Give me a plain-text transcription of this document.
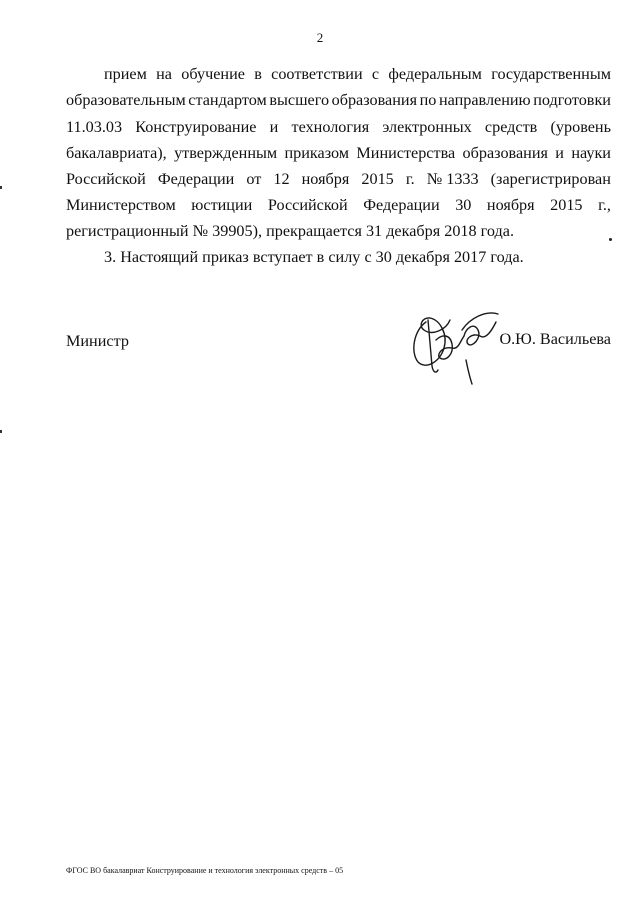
2
прием на обучение в соответствии с федеральным государственным
образовательным стандартом высшего образования по направлению подготовки
11.03.03 Конструирование и технология электронных средств (уровень
бакалавриата), утвержденным приказом Министерства образования и науки
Российской Федерации от 12 ноября 2015 г. № 1333 (зарегистрирован
Министерством юстиции Российской Федерации 30 ноября 2015 г.,
регистрационный № 39905), прекращается 31 декабря 2018 года.
3. Настоящий приказ вступает в силу с 30 декабря 2017 года.
Министр	О.Ю. Васильева
ФГОС ВО бакалавриат Конструирование и технология электронных средств – 05
